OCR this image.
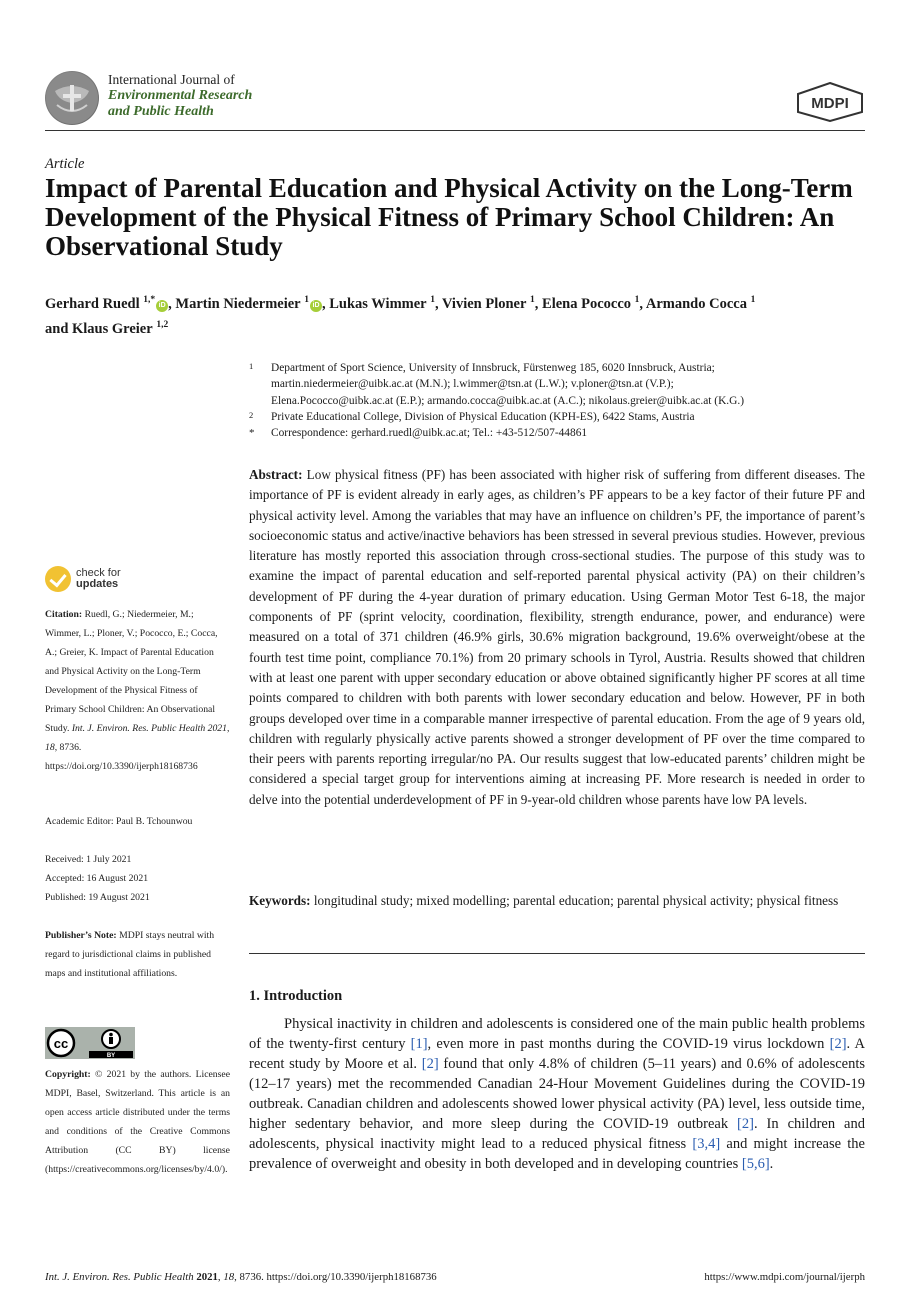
International Journal of
Environmental Research
and Public Health	MDPI
Article
Impact of Parental Education and Physical Activity on the Long-Term Development of the Physical Fitness of Primary School Children: An Observational Study
Gerhard Ruedl $^{1,*}$iD , Martin Niedermeier $^1$iD , Lukas Wimmer $^1$, Vivien Ploner $^1$, Elena Pococco $^1$, Armando Cocca $^1$
and Klaus Greier $^{1,2}$
1 Department of Sport Science, University of Innsbruck, Fürstenweg 185, 6020 Innsbruck, Austria;
martin.niedermeier@uibk.ac.at (M.N.); l.wimmer@tsn.at (L.W.); v.ploner@tsn.at (V.P.);
Elena.Pococco@uibk.ac.at (E.P.); armando.cocca@uibk.ac.at (A.C.); nikolaus.greier@uibk.ac.at (K.G.)
2 Private Educational College, Division of Physical Education (KPH-ES), 6422 Stams, Austria
* Correspondence: gerhard.ruedl@uibk.ac.at; Tel.: +43-512/507-44861

Abstract: Low physical fitness (PF) has been associated with higher risk of suffering from different diseases. The importance of PF is evident already in early ages, as children’s PF appears to be a key factor of their future PF and physical activity level. Among the variables that may have an influence on children’s PF, the importance of parent’s socioeconomic status and active/inactive behaviors has been stressed in several previous studies. However, previous literature has mostly reported this association through cross-sectional studies. The purpose of this study was to examine the impact of parental education and self-reported parental physical activity (PA) on their children’s development of PF during the 4-year duration of primary education. Using German Motor Test 6-18, the major components of PF (sprint velocity, coordination, flexibility, strength endurance, power, and endurance) were measured on a total of 371 children (46.9% girls, 30.6% migration background, 19.6% overweight/obese at the fourth test time point, compliance 70.1%) from 20 primary schools in Tyrol, Austria. Results showed that children with at least one parent with upper secondary education or above obtained significantly higher PF scores at all time points compared to children with both parents with lower secondary education and below. However, PF in both groups developed over time in a comparable manner irrespective of parental education. From the age of 9 years old, children with regularly physically active parents showed a stronger development of PF over the time compared to their peers with parents reporting irregular/no PA. Our results suggest that low-educated parents’ children might be considered a special target group for interventions aiming at increasing PF. More research is needed in order to delve into the potential underdevelopment of PF in 9-year-old children whose parents have low PA levels.

Keywords: longitudinal study; mixed modelling; parental education; parental physical activity; physical fitness

1. Introduction

Physical inactivity in children and adolescents is considered one of the main public health problems of the twenty-first century [1], even more in past months during the COVID-19 virus lockdown [2]. A recent study by Moore et al. [2] found that only 4.8% of children (5–11 years) and 0.6% of adolescents (12–17 years) met the recommended Canadian 24-Hour Movement Guidelines during the COVID-19 outbreak. Canadian children and adolescents showed lower physical activity (PA) level, less outside time, higher sedentary behavior, and more sleep during the COVID-19 outbreak [2]. In children and adolescents, physical inactivity might lead to a reduced physical fitness [3,4] and might increase the prevalence of overweight and obesity in both developed and in developing countries [5,6].

check for
updates
Citation: Ruedl, G.; Niedermeier, M.; Wimmer, L.; Ploner, V.; Pococco, E.; Cocca, A.; Greier, K. Impact of Parental Education and Physical Activity on the Long-Term Development of the Physical Fitness of Primary School Children: An Observational Study. Int. J. Environ. Res. Public Health 2021, 18, 8736. https://doi.org/10.3390/ijerph18168736
Academic Editor: Paul B. Tchounwou
Received: 1 July 2021
Accepted: 16 August 2021
Published: 19 August 2021
Publisher’s Note: MDPI stays neutral with regard to jurisdictional claims in published maps and institutional affiliations.
cc
BY
Copyright: © 2021 by the authors. Licensee MDPI, Basel, Switzerland. This article is an open access article distributed under the terms and conditions of the Creative Commons Attribution (CC BY) license (https://creativecommons.org/licenses/by/4.0/).
Int. J. Environ. Res. Public Health 2021, 18, 8736. https://doi.org/10.3390/ijerph18168736	https://www.mdpi.com/journal/ijerph
